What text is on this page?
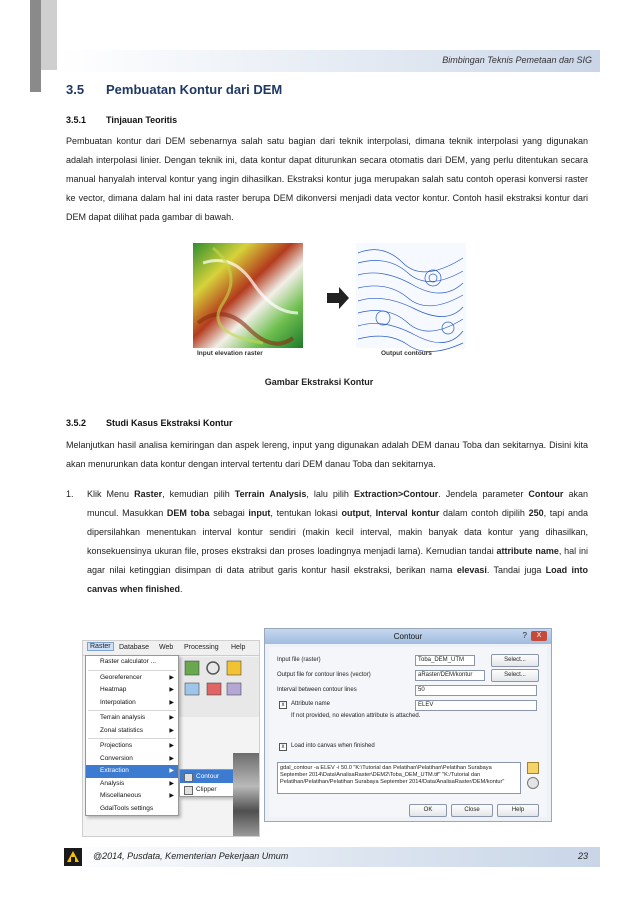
Bimbingan Teknis Pemetaan dan SIG
3.5 Pembuatan Kontur dari DEM
3.5.1 Tinjauan Teoritis
Pembuatan kontur dari DEM sebenarnya salah satu bagian dari teknik interpolasi, dimana teknik interpolasi yang digunakan adalah interpolasi linier. Dengan teknik ini, data kontur dapat diturunkan secara otomatis dari DEM, yang perlu ditentukan secara manual hanyalah interval kontur yang ingin dihasilkan. Ekstraksi kontur juga merupakan salah satu contoh operasi konversi raster ke vector, dimana dalam hal ini data raster berupa DEM dikonversi menjadi data vector kontur. Contoh hasil ekstraksi kontur dari DEM dapat dilihat pada gambar di bawah.
Input elevation raster	Output contours
Gambar Ekstraksi Kontur
3.5.2 Studi Kasus Ekstraksi Kontur
Melanjutkan hasil analisa kemiringan dan aspek lereng, input yang digunakan adalah DEM danau Toba dan sekitarnya. Disini kita akan menurunkan data kontur dengan interval tertentu dari DEM danau Toba dan sekitarnya.
1. Klik Menu Raster, kemudian pilih Terrain Analysis, lalu pilih Extraction>Contour. Jendela parameter Contour akan muncul. Masukkan DEM toba sebagai input, tentukan lokasi output, Interval kontur dalam contoh dipilih 250, tapi anda dipersilahkan menentukan interval kontur sendiri (makin kecil interval, makin banyak data kontur yang dihasilkan, konsekuensinya ukuran file, proses ekstraksi dan proses loadingnya menjadi lama). Kemudian tandai attribute name, hal ini agar nilai ketinggian disimpan di data atribut garis kontur hasil ekstraksi, berikan nama elevasi. Tandai juga Load into canvas when finished.
Raster	Database Web Processing Help
Raster calculator ...
Georeferencer	▶
Heatmap	▶
Interpolation	▶
Terrain analysis	▶
Zonal statistics	▶
Projections	▶
Conversion	▶
Extraction	▶
Analysis	▶
Miscellaneous	▶
GdalTools settings
Contour
Clipper
Contour	?	X
Input file (raster)	Toba_DEM_UTM	Select...
Output file for contour lines (vector)	aRaster/DEM/kontur	Select...
Interval between contour lines	50
x	Attribute name	ELEV
If not provided, no elevation attribute is attached.
x	Load into canvas when finished
gdal_contour -a ELEV -i 50.0 "K:\Tutorial dan Pelatihan\Pelatihan\Pelatihan Surabaya September 2014\Data\AnalisaRaster\DEM2\Toba_DEM_UTM.tif" "K:/Tutorial dan Pelatihan/Pelatihan/Pelatihan Surabaya September 2014/Data/AnalisaRaster/DEM/kontur"
OK	Close	Help
@2014, Pusdata, Kementerian Pekerjaan Umum	23
